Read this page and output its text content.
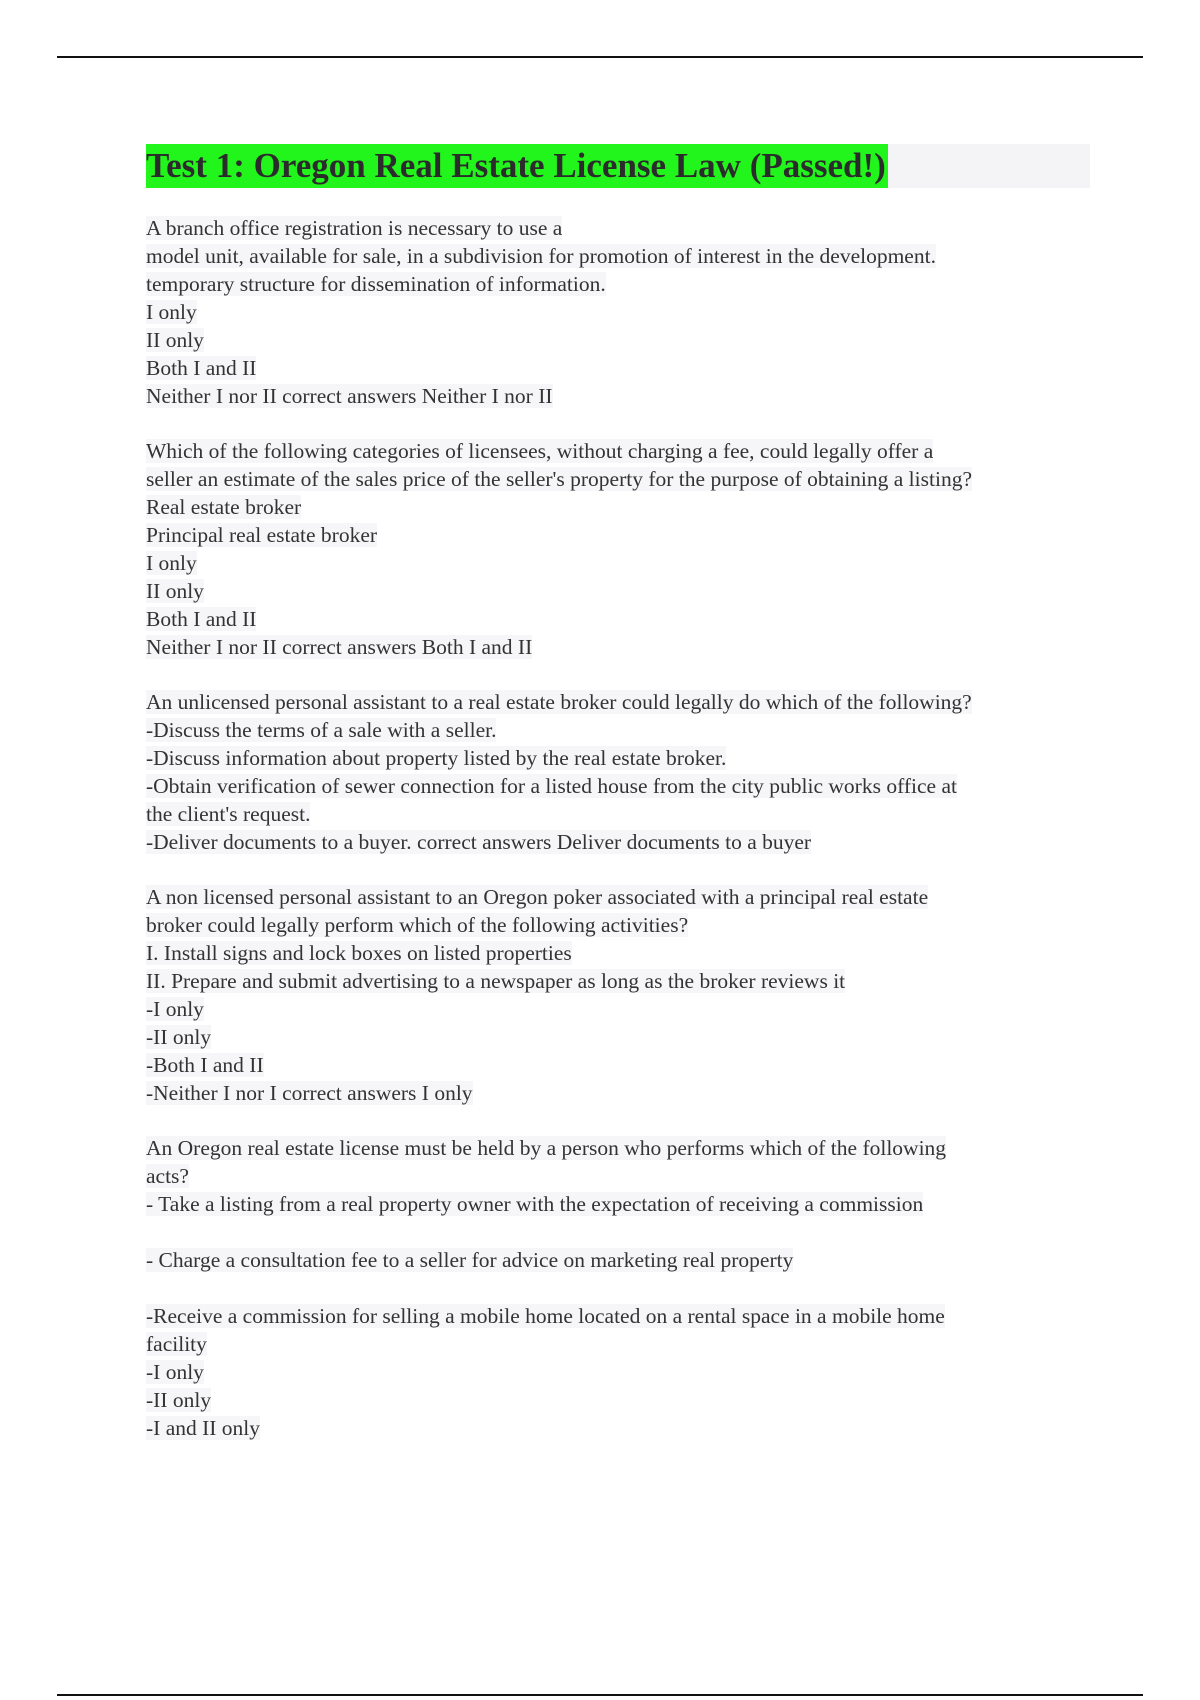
Test 1: Oregon Real Estate License Law (Passed!)
A branch office registration is necessary to use a
model unit, available for sale, in a subdivision for promotion of interest in the development.
temporary structure for dissemination of information.
I only
II only
Both I and II
Neither I nor II correct answers Neither I nor II
Which of the following categories of licensees, without charging a fee, could legally offer a
seller an estimate of the sales price of the seller's property for the purpose of obtaining a listing?
Real estate broker
Principal real estate broker
I only
II only
Both I and II
Neither I nor II correct answers Both I and II
An unlicensed personal assistant to a real estate broker could legally do which of the following?
-Discuss the terms of a sale with a seller.
-Discuss information about property listed by the real estate broker.
-Obtain verification of sewer connection for a listed house from the city public works office at
the client's request.
-Deliver documents to a buyer. correct answers Deliver documents to a buyer
A non licensed personal assistant to an Oregon poker associated with a principal real estate
broker could legally perform which of the following activities?
I. Install signs and lock boxes on listed properties
II. Prepare and submit advertising to a newspaper as long as the broker reviews it
-I only
-II only
-Both I and II
-Neither I nor I correct answers I only
An Oregon real estate license must be held by a person who performs which of the following
acts?
- Take a listing from a real property owner with the expectation of receiving a commission
- Charge a consultation fee to a seller for advice on marketing real property
-Receive a commission for selling a mobile home located on a rental space in a mobile home
facility
-I only
-II only
-I and II only
